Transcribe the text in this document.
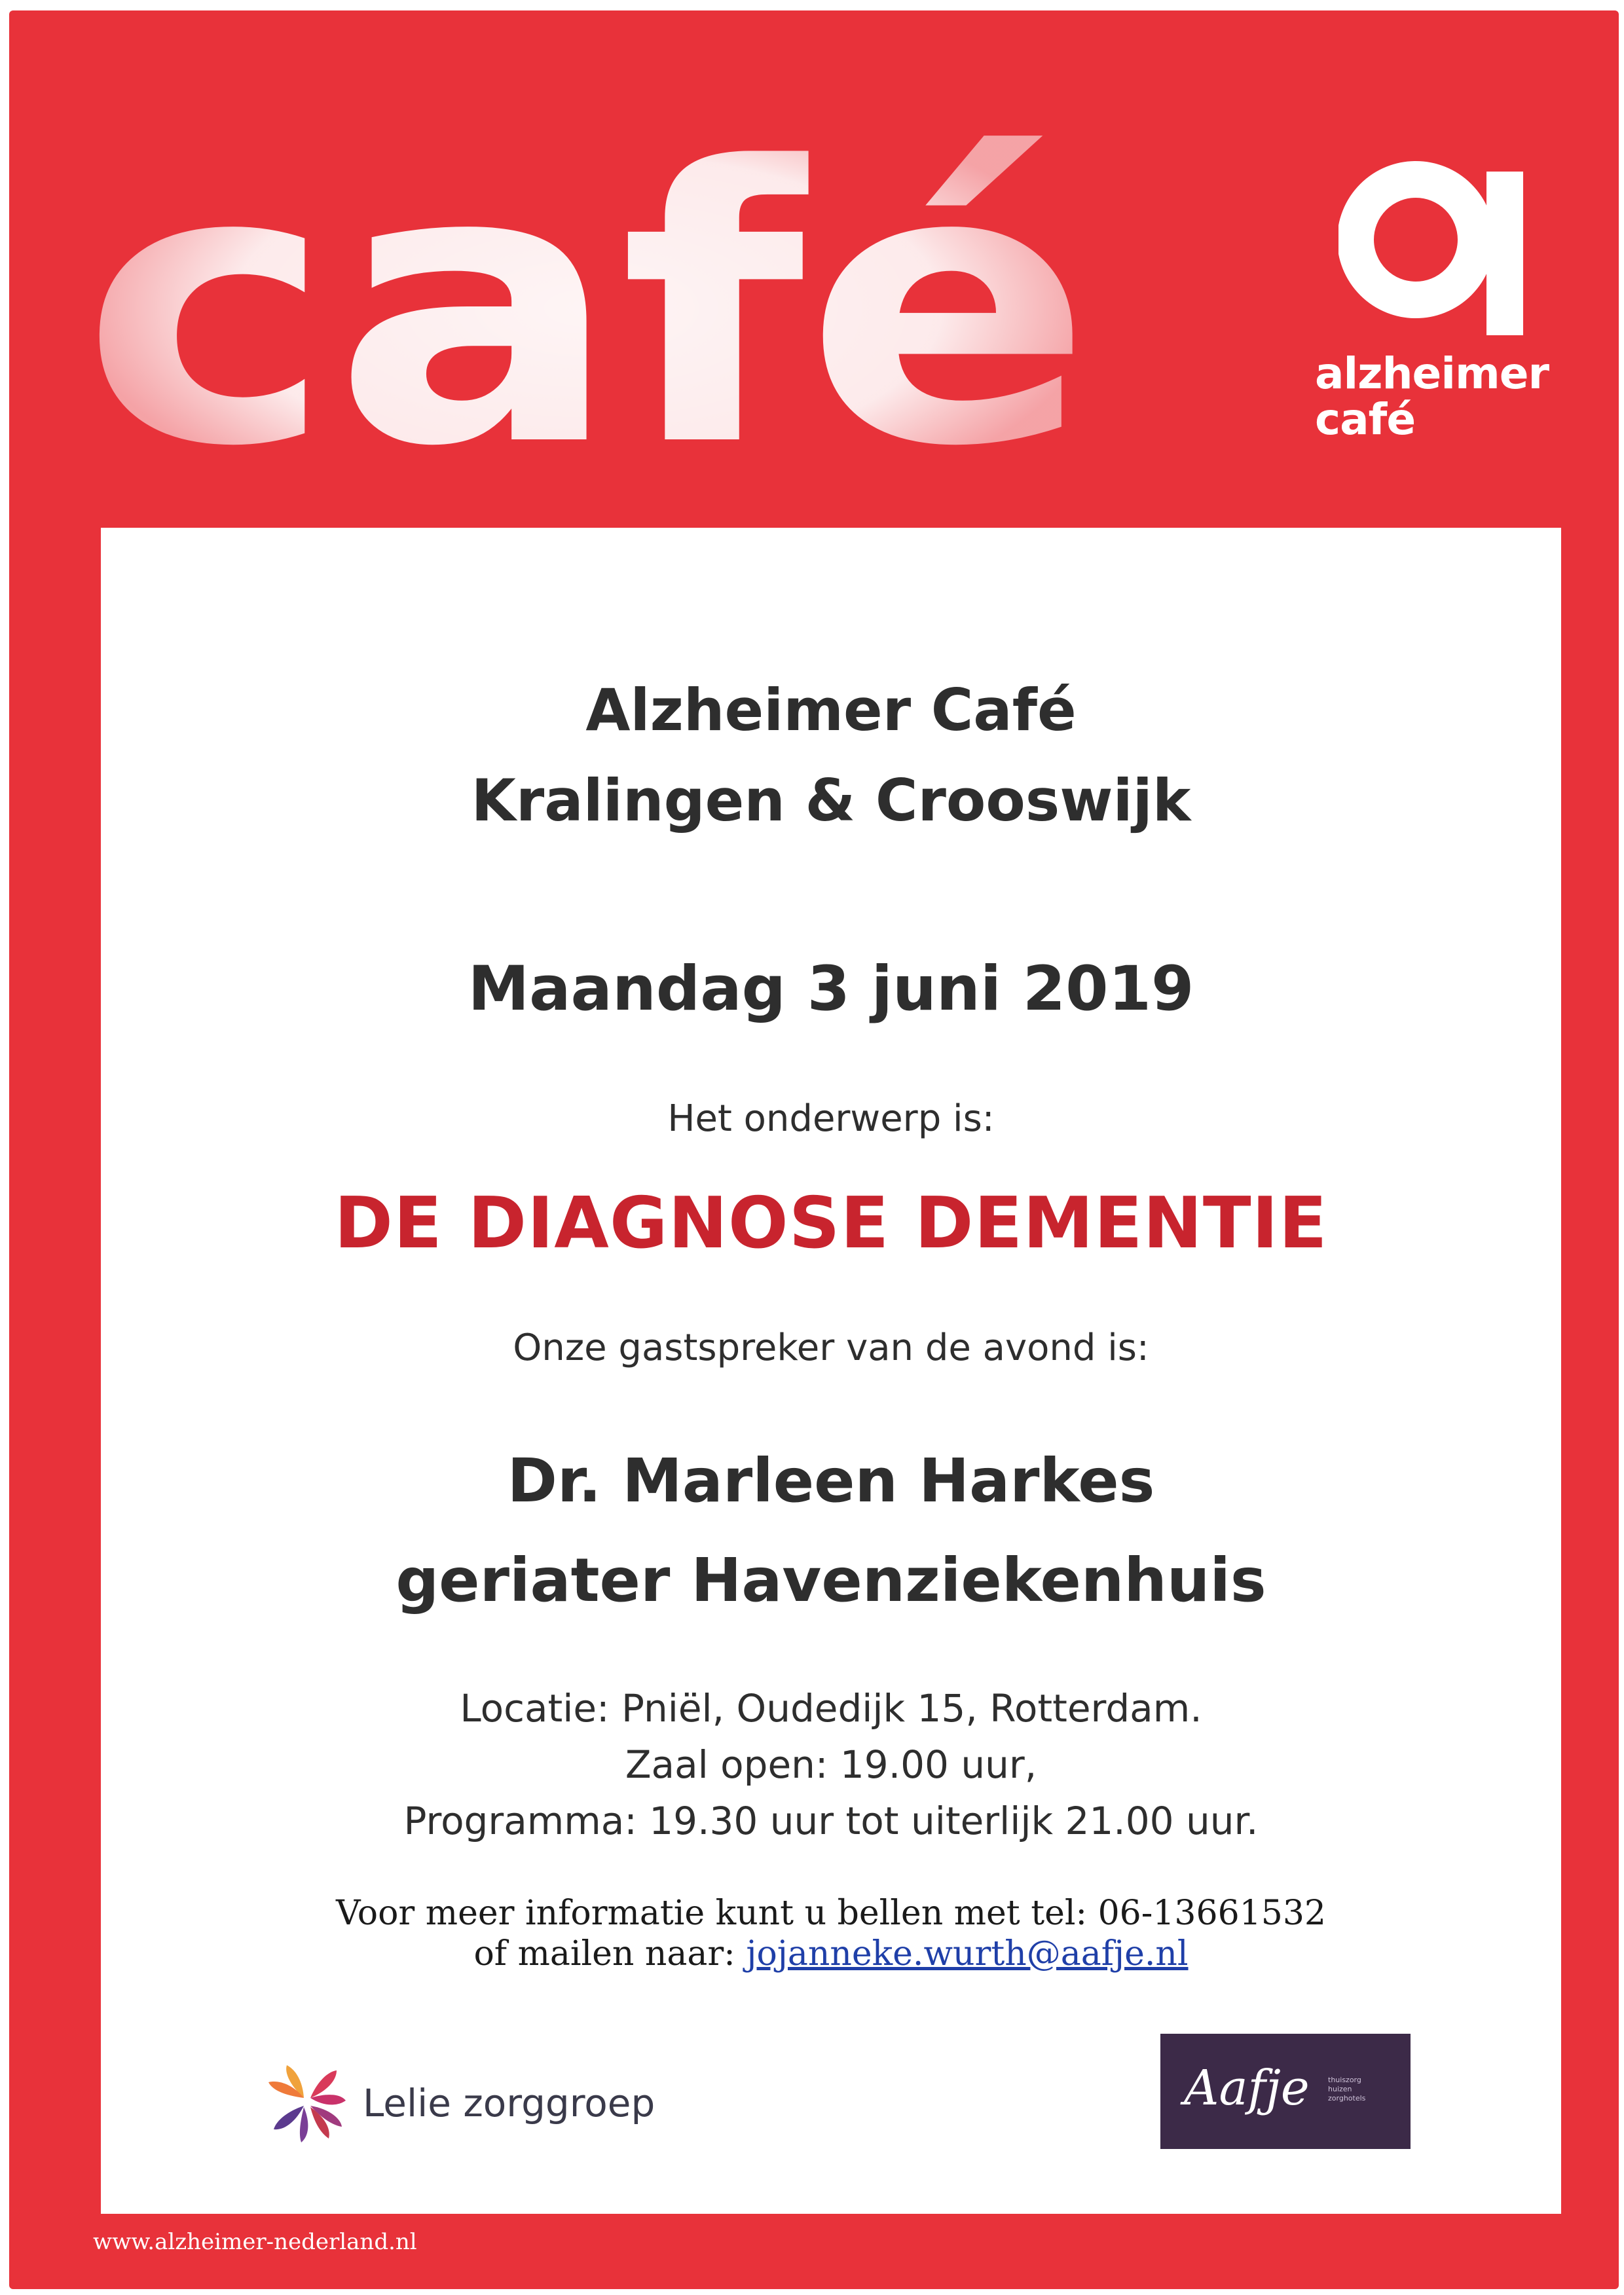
café	alzheimer
café
Alzheimer Café
Kralingen & Crooswijk
Maandag 3 juni 2019
Het onderwerp is:
DE DIAGNOSE DEMENTIE
Onze gastspreker van de avond is:
Dr. Marleen Harkes
geriater Havenziekenhuis
Locatie: Pniël, Oudedijk 15, Rotterdam.
Zaal open: 19.00 uur,
Programma: 19.30 uur tot uiterlijk 21.00 uur.
Voor meer informatie kunt u bellen met tel: 06-13661532
of mailen naar: jojanneke.wurth@aafje.nl
Lelie zorggroep	Aafje	thuiszorg
huizen
zorghotels
www.alzheimer-nederland.nl
